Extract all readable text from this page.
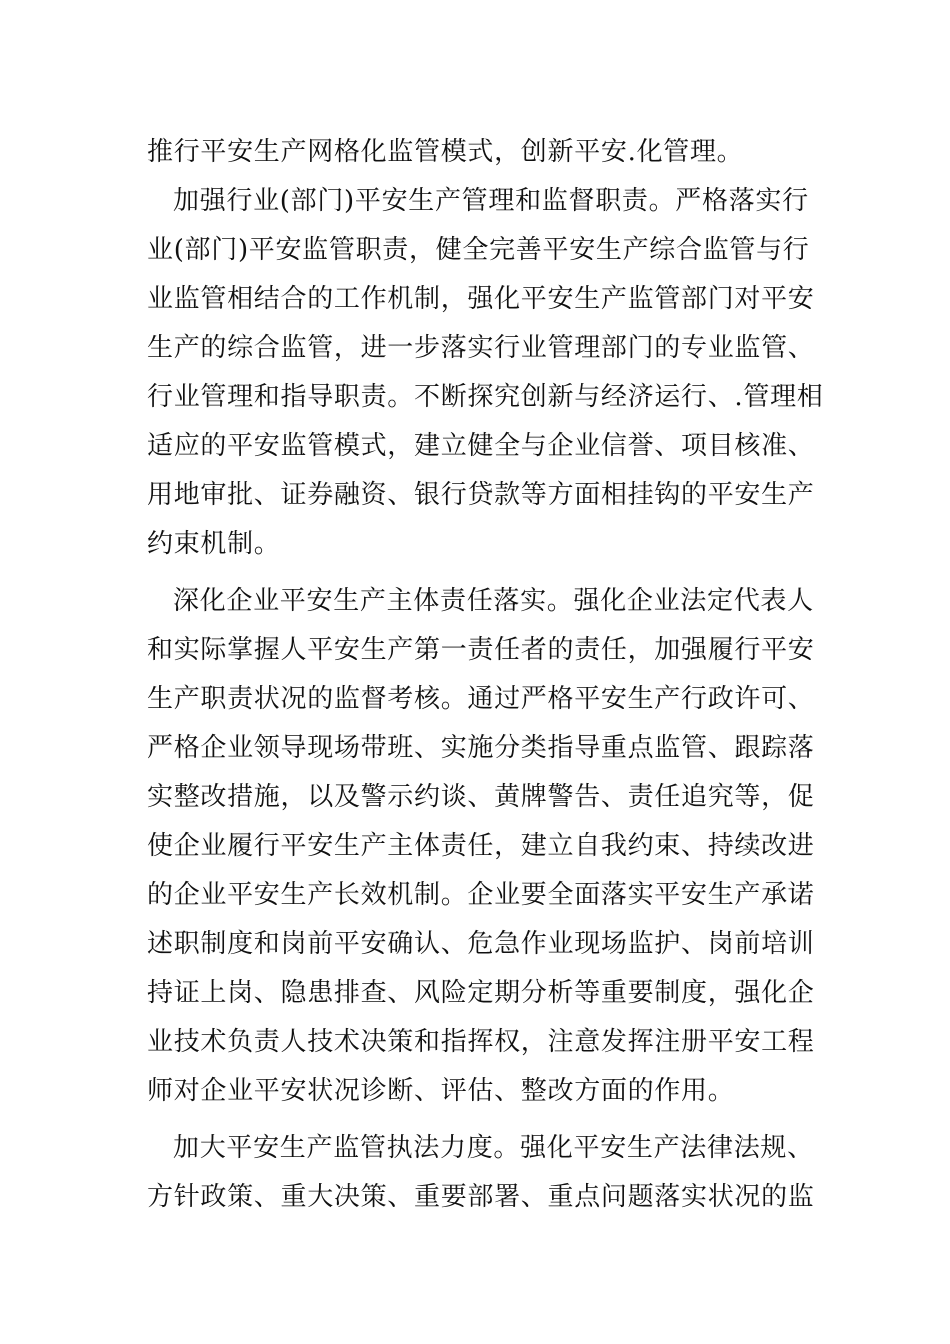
推行平安生产网格化监管模式，创新平安.化管理。
加强行业(部门)平安生产管理和监督职责。严格落实行
业(部门)平安监管职责，健全完善平安生产综合监管与行
业监管相结合的工作机制，强化平安生产监管部门对平安
生产的综合监管，进一步落实行业管理部门的专业监管、
行业管理和指导职责。不断探究创新与经济运行、.管理相
适应的平安监管模式，建立健全与企业信誉、项目核准、
用地审批、证券融资、银行贷款等方面相挂钩的平安生产
约束机制。
深化企业平安生产主体责任落实。强化企业法定代表人
和实际掌握人平安生产第一责任者的责任，加强履行平安
生产职责状况的监督考核。通过严格平安生产行政许可、
严格企业领导现场带班、实施分类指导重点监管、跟踪落
实整改措施，以及警示约谈、黄牌警告、责任追究等，促
使企业履行平安生产主体责任，建立自我约束、持续改进
的企业平安生产长效机制。企业要全面落实平安生产承诺
述职制度和岗前平安确认、危急作业现场监护、岗前培训
持证上岗、隐患排查、风险定期分析等重要制度，强化企
业技术负责人技术决策和指挥权，注意发挥注册平安工程
师对企业平安状况诊断、评估、整改方面的作用。
加大平安生产监管执法力度。强化平安生产法律法规、
方针政策、重大决策、重要部署、重点问题落实状况的监
